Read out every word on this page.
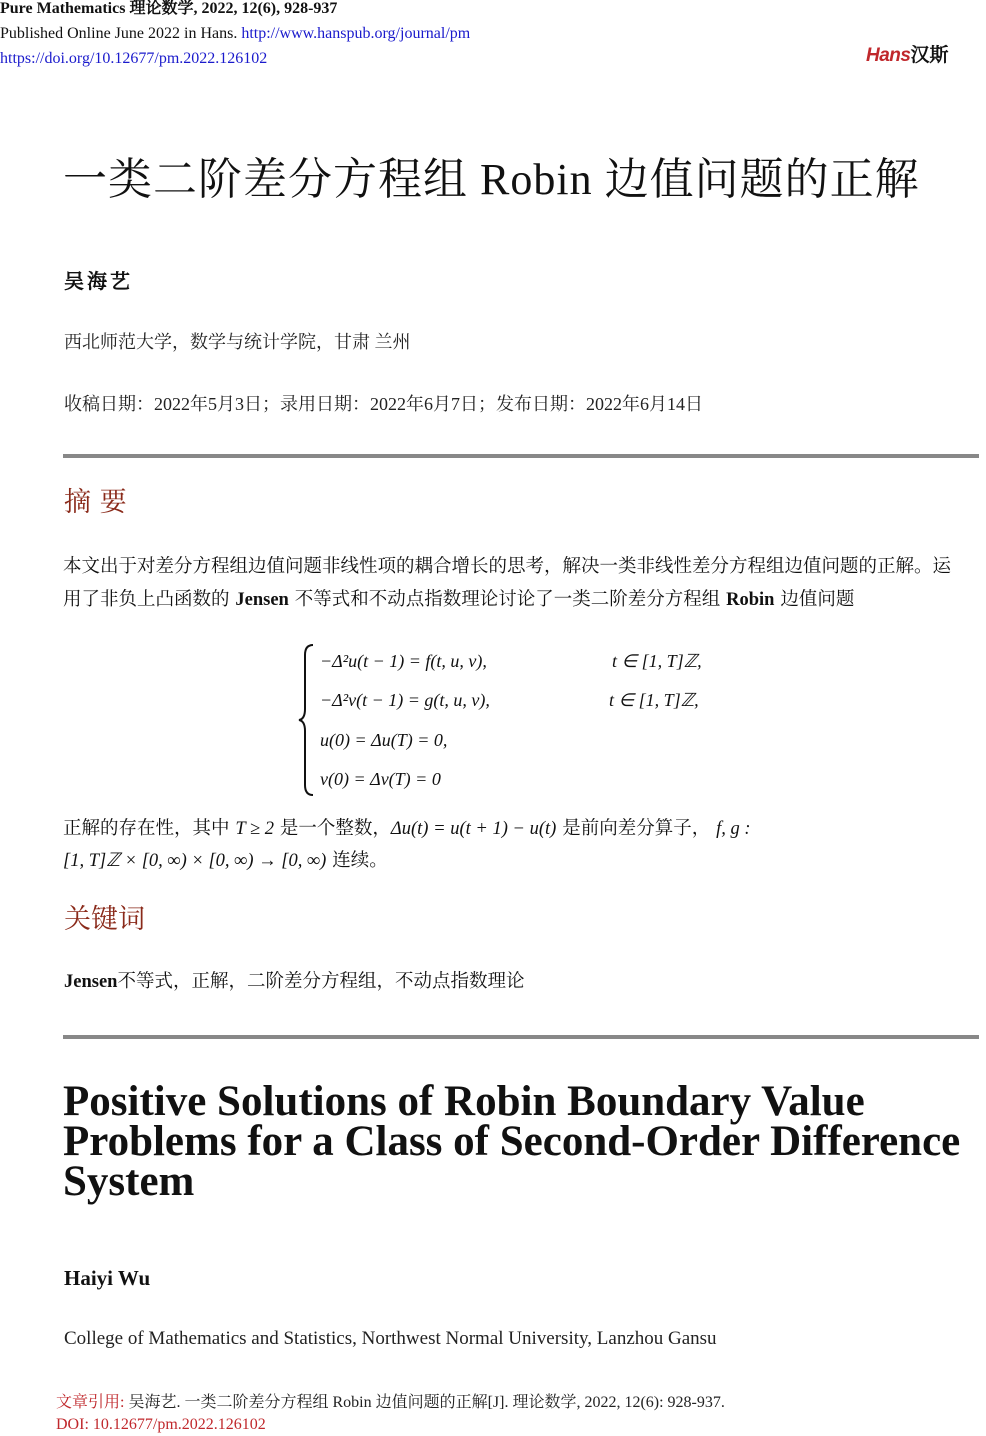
Pure Mathematics 理论数学, 2022, 12(6), 928-937
Published Online June 2022 in Hans. http://www.hanspub.org/journal/pm
https://doi.org/10.12677/pm.2022.126102	Hans汉斯
一类二阶差分方程组 Robin 边值问题的正解
吴海艺
西北师范大学，数学与统计学院，甘肃 兰州
收稿日期：2022年5月3日；录用日期：2022年6月7日；发布日期：2022年6月14日
摘 要
本文出于对差分方程组边值问题非线性项的耦合增长的思考，解决一类非线性差分方程组边值问题的正解。运用了非负上凸函数的 Jensen 不等式和不动点指数理论讨论了一类二阶差分方程组 Robin 边值问题
−Δ²u(t − 1) = f(t, u, v),	t ∈ [1, T]ℤ,
−Δ²v(t − 1) = g(t, u, v),	t ∈ [1, T]ℤ,
u(0) = Δu(T) = 0,
v(0) = Δv(T) = 0
正解的存在性，其中 T ≥ 2 是一个整数，Δu(t) = u(t + 1) − u(t) 是前向差分算子， f, g :
[1, T]ℤ × [0, ∞) × [0, ∞) → [0, ∞) 连续。
关键词
Jensen不等式，正解，二阶差分方程组，不动点指数理论
Positive Solutions of Robin Boundary Value Problems for a Class of Second-Order Difference System
Haiyi Wu
College of Mathematics and Statistics, Northwest Normal University, Lanzhou Gansu
文章引用: 吴海艺. 一类二阶差分方程组 Robin 边值问题的正解[J]. 理论数学, 2022, 12(6): 928-937.
DOI: 10.12677/pm.2022.126102
